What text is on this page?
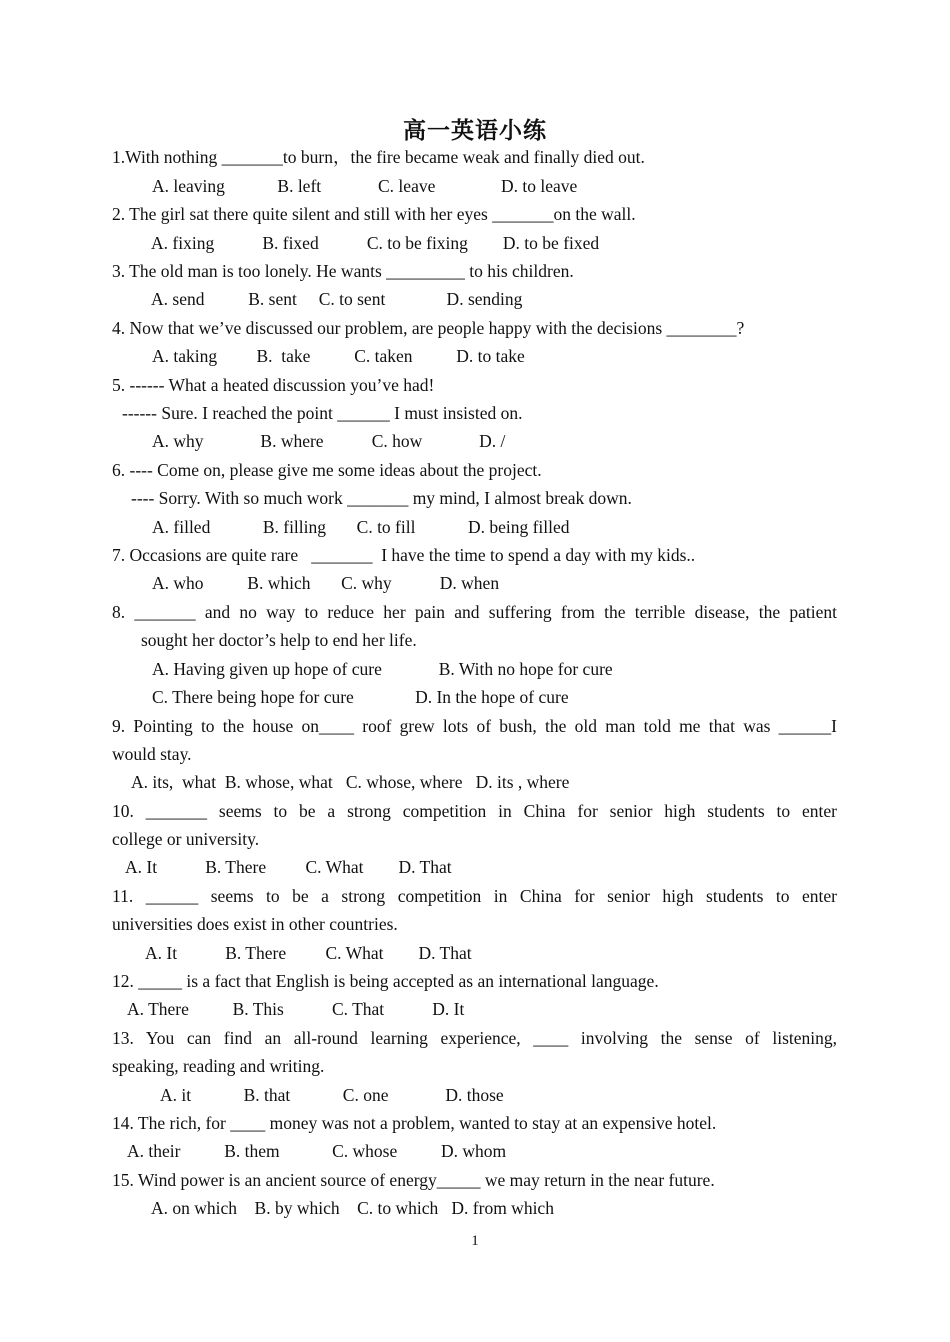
高一英语小练
1.With nothing _______to burn，the fire became weak and finally died out.
A. leaving            B. left             C. leave               D. to leave
2. The girl sat there quite silent and still with her eyes _______on the wall.
A. fixing           B. fixed           C. to be fixing        D. to be fixed
3. The old man is too lonely. He wants _________ to his children.
A. send          B. sent     C. to sent              D. sending
4. Now that we’ve discussed our problem, are people happy with the decisions ________?
A. taking         B.  take          C. taken          D. to take
5. ------ What a heated discussion you’ve had!
------ Sure. I reached the point ______ I must insisted on.
A. why             B. where           C. how             D. /
6. ---- Come on, please give me some ideas about the project.
---- Sorry. With so much work _______ my mind, I almost break down.
A. filled            B. filling       C. to fill            D. being filled
7. Occasions are quite rare   _______  I have the time to spend a day with my kids..
A. who          B. which       C. why           D. when
8. _______ and no way to reduce her pain and suffering from the terrible disease, the patient
sought her doctor’s help to end her life.
A. Having given up hope of cure             B. With no hope for cure
C. There being hope for cure              D. In the hope of cure
9. Pointing to the house on____ roof grew lots of bush, the old man told me that was ______I
would stay.
A. its,  what  B. whose, what   C. whose, where   D. its , where
10. _______ seems to be a strong competition in China for senior high students to enter
college or university.
A. It           B. There         C. What        D. That
11. ______ seems to be a strong competition in China for senior high students to enter
universities does exist in other countries.
A. It           B. There         C. What        D. That
12. _____ is a fact that English is being accepted as an international language.
A. There          B. This           C. That           D. It
13. You can find an all-round learning experience, ____ involving the sense of listening,
speaking, reading and writing.
A. it            B. that            C. one             D. those
14. The rich, for ____ money was not a problem, wanted to stay at an expensive hotel.
A. their          B. them            C. whose          D. whom
15. Wind power is an ancient source of energy_____ we may return in the near future.
A. on which    B. by which    C. to which   D. from which
1
